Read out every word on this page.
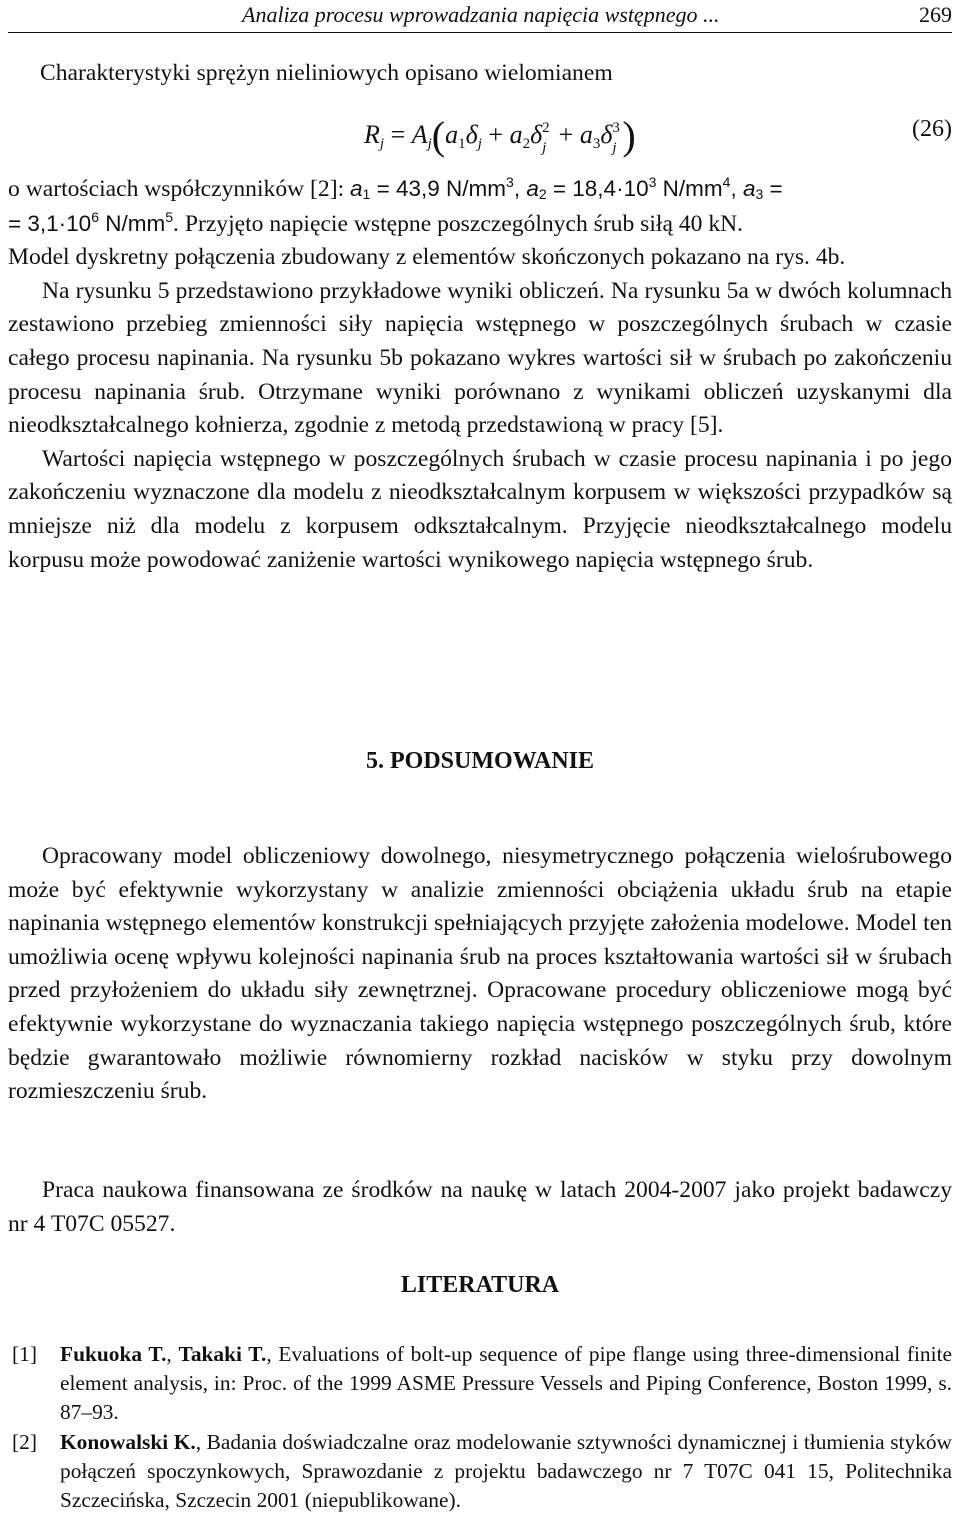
Analiza procesu wprowadzania napięcia wstępnego ...	269
Charakterystyki sprężyn nieliniowych opisano wielomianem
$R_j = A_j(a_1\delta_j + a_2\delta$ 2
$j + a_3\delta$ 3
j )	(26)
o wartościach współczynników [2]: $a_1 = 43,9$ $N/mm^3$, $a_2 = 18,4\cdot 10^3$ $N/mm^4$, $a_3$ =
= $3,1\cdot 10^6$ $N/mm^5$. Przyjęto napięcie wstępne poszczególnych śrub siłą 40 kN.

Model dyskretny połączenia zbudowany z elementów skończonych pokazano na rys. 4b.

Na rysunku 5 przedstawiono przykładowe wyniki obliczeń. Na rysunku 5a w dwóch kolumnach zestawiono przebieg zmienności siły napięcia wstępnego w poszczególnych śrubach w czasie całego procesu napinania. Na rysunku 5b pokazano wykres wartości sił w śrubach po zakończeniu procesu napinania śrub. Otrzymane wyniki porównano z wynikami obliczeń uzyskanymi dla nieodkształcalnego kołnierza, zgodnie z metodą przedstawioną w pracy [5].

Wartości napięcia wstępnego w poszczególnych śrubach w czasie procesu napinania i po jego zakończeniu wyznaczone dla modelu z nieodkształcalnym korpusem w większości przypadków są mniejsze niż dla modelu z korpusem odkształcalnym. Przyjęcie nieodkształcalnego modelu korpusu może powodować zaniżenie wartości wynikowego napięcia wstępnego śrub.

5. PODSUMOWANIE

Opracowany model obliczeniowy dowolnego, niesymetrycznego połączenia wielośrubowego może być efektywnie wykorzystany w analizie zmienności obciążenia układu śrub na etapie napinania wstępnego elementów konstrukcji spełniających przyjęte założenia modelowe. Model ten umożliwia ocenę wpływu kolejności napinania śrub na proces kształtowania wartości sił w śrubach przed przyłożeniem do układu siły zewnętrznej. Opracowane procedury obliczeniowe mogą być efektywnie wykorzystane do wyznaczania takiego napięcia wstępnego poszczególnych śrub, które będzie gwarantowało możliwie równomierny rozkład nacisków w styku przy dowolnym rozmieszczeniu śrub.

Praca naukowa finansowana ze środków na naukę w latach 2004-2007 jako projekt badawczy nr 4 T07C 05527.

LITERATURA
[1] Fukuoka T., Takaki T., Evaluations of bolt-up sequence of pipe flange using three-dimensional finite element analysis, in: Proc. of the 1999 ASME Pressure Vessels and Piping Conference, Boston 1999, s. 87–93.
[2] Konowalski K., Badania doświadczalne oraz modelowanie sztywności dynamicznej i tłumienia styków połączeń spoczynkowych, Sprawozdanie z projektu badawczego nr 7 T07C 041 15, Politechnika Szczecińska, Szczecin 2001 (niepublikowane).
